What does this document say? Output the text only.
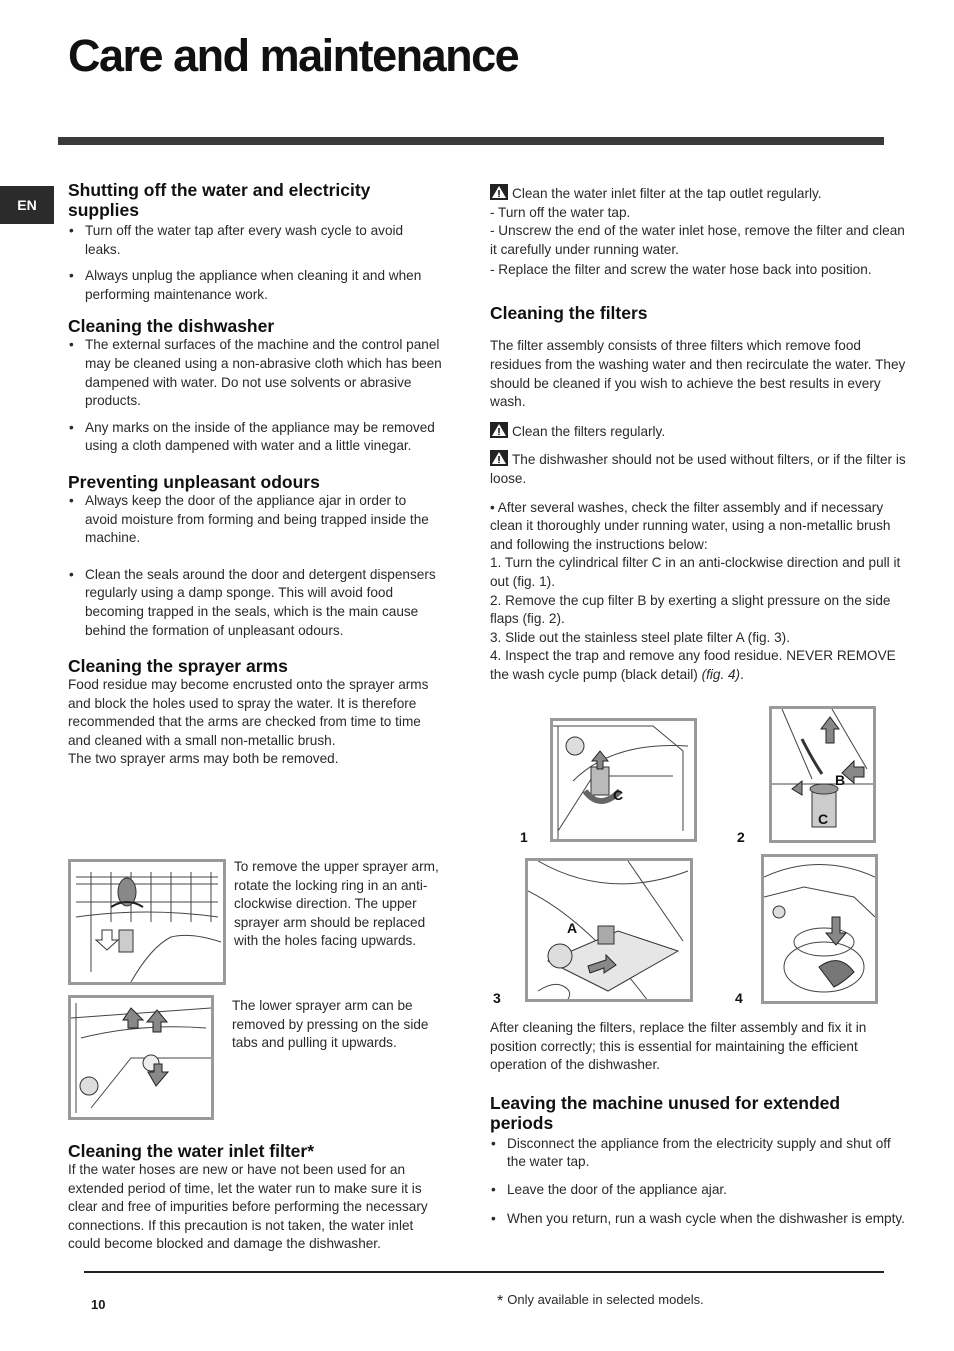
Care and maintenance
EN
Shutting off the water and electricity supplies
• Turn off the water tap after every wash cycle to avoid leaks.
• Always unplug the appliance when cleaning it and when performing maintenance work.
Cleaning the dishwasher
• The external surfaces of the machine and the control panel may be cleaned using a non-abrasive cloth which has been dampened with water. Do not use solvents or abrasive products.
• Any marks on the inside of the appliance may be removed using a cloth dampened with water and a little vinegar.
Preventing unpleasant odours
• Always keep the door of the appliance ajar in order to avoid moisture from forming and being trapped inside the machine.
• Clean the seals around the door and detergent dispensers regularly using a damp sponge. This will avoid food becoming trapped in the seals, which is the main cause behind the formation of unpleasant odours.
Cleaning the sprayer arms

Food residue may become encrusted onto the sprayer arms and block the holes used to spray the water. It is therefore recommended that the arms are checked from time to time and cleaned with a small non-metallic brush.

The two sprayer arms may both be removed.

To remove the upper sprayer arm, rotate the locking ring in an anti-clockwise direction. The upper sprayer arm should be replaced with the holes facing upwards.

The lower sprayer arm can be removed by pressing on the side tabs and pulling it upwards.

Cleaning the water inlet filter*

If the water hoses are new or have not been used for an extended period of time, let the water run to make sure it is clear and free of impurities before performing the necessary connections. If this precaution is not taken, the water inlet could become blocked and damage the dishwasher.

Clean the water inlet filter at the tap outlet regularly.

- Turn off the water tap.

- Unscrew the end of the water inlet hose, remove the filter and clean it carefully under running water.

- Replace the filter and screw the water hose back into position.

Cleaning the filters

The filter assembly consists of three filters which remove food residues from the washing water and then recirculate the water. They should be cleaned if you wish to achieve the best results in every wash.

Clean the filters regularly.

The dishwasher should not be used without filters, or if the filter is loose.

• After several washes, check the filter assembly and if necessary clean it thoroughly under running water, using a non-metallic brush and following the instructions below:

1. Turn the cylindrical filter C in an anti-clockwise direction and pull it out (fig. 1).

2. Remove the cup filter B by exerting a slight pressure on the side flaps (fig. 2).

3. Slide out the stainless steel plate filter A (fig. 3).

4. Inspect the trap and remove any food residue. NEVER REMOVE the wash cycle pump (black detail) (fig. 4).

C
B
C
A
1	2
3	4

After cleaning the filters, replace the filter assembly and fix it in position correctly; this is essential for maintaining the efficient operation of the dishwasher.

Leaving the machine unused for extended periods
• Disconnect the appliance from the electricity supply and shut off the water tap.
• Leave the door of the appliance ajar.
• When you return, run a wash cycle when the dishwasher is empty.
10	* Only available in selected models.
